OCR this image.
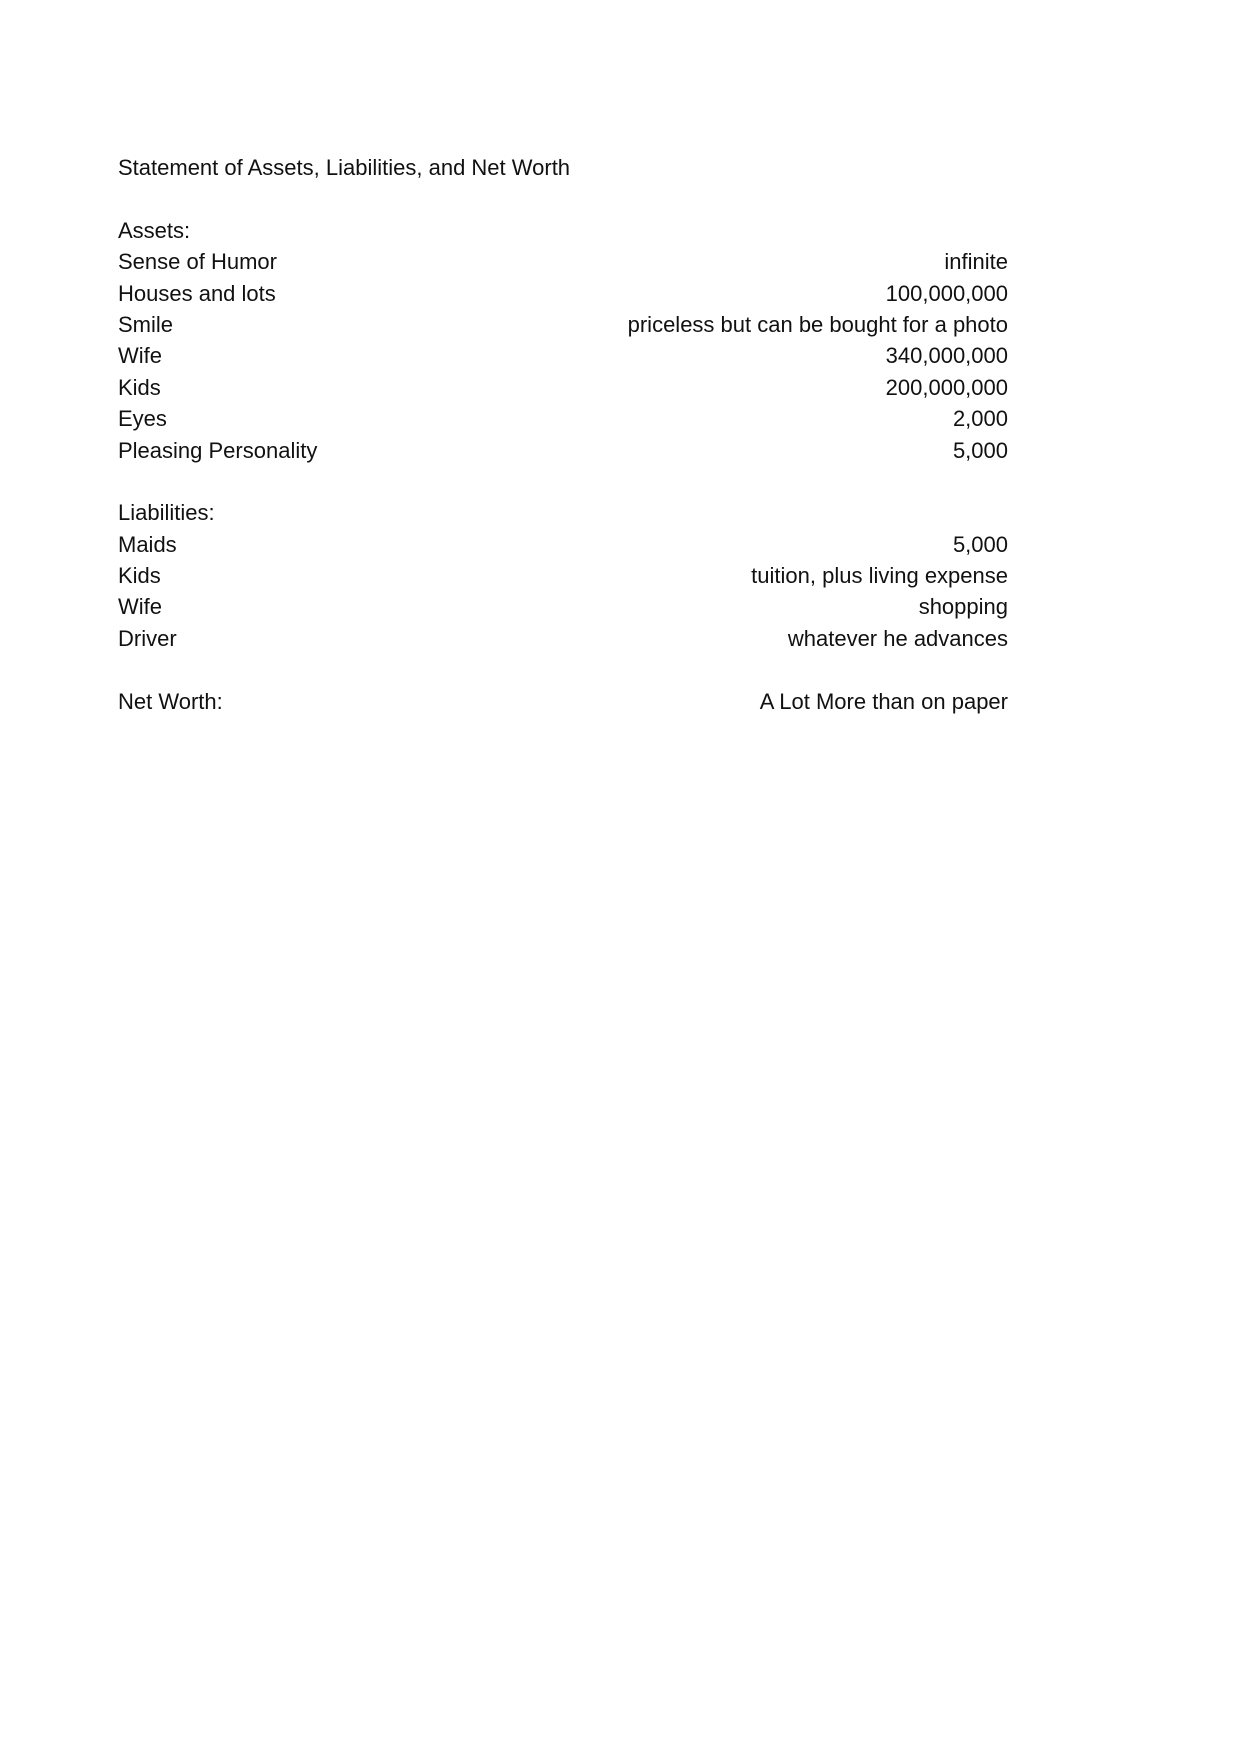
Statement of Assets, Liabilities, and Net Worth
Assets:
Sense of Humor	infinite
Houses and lots	100,000,000
Smile	priceless but can be bought for a photo
Wife	340,000,000
Kids	200,000,000
Eyes	2,000
Pleasing Personality	5,000
Liabilities:
Maids	5,000
Kids	tuition, plus living expense
Wife	shopping
Driver	whatever he advances
Net Worth:	A Lot More than on paper
